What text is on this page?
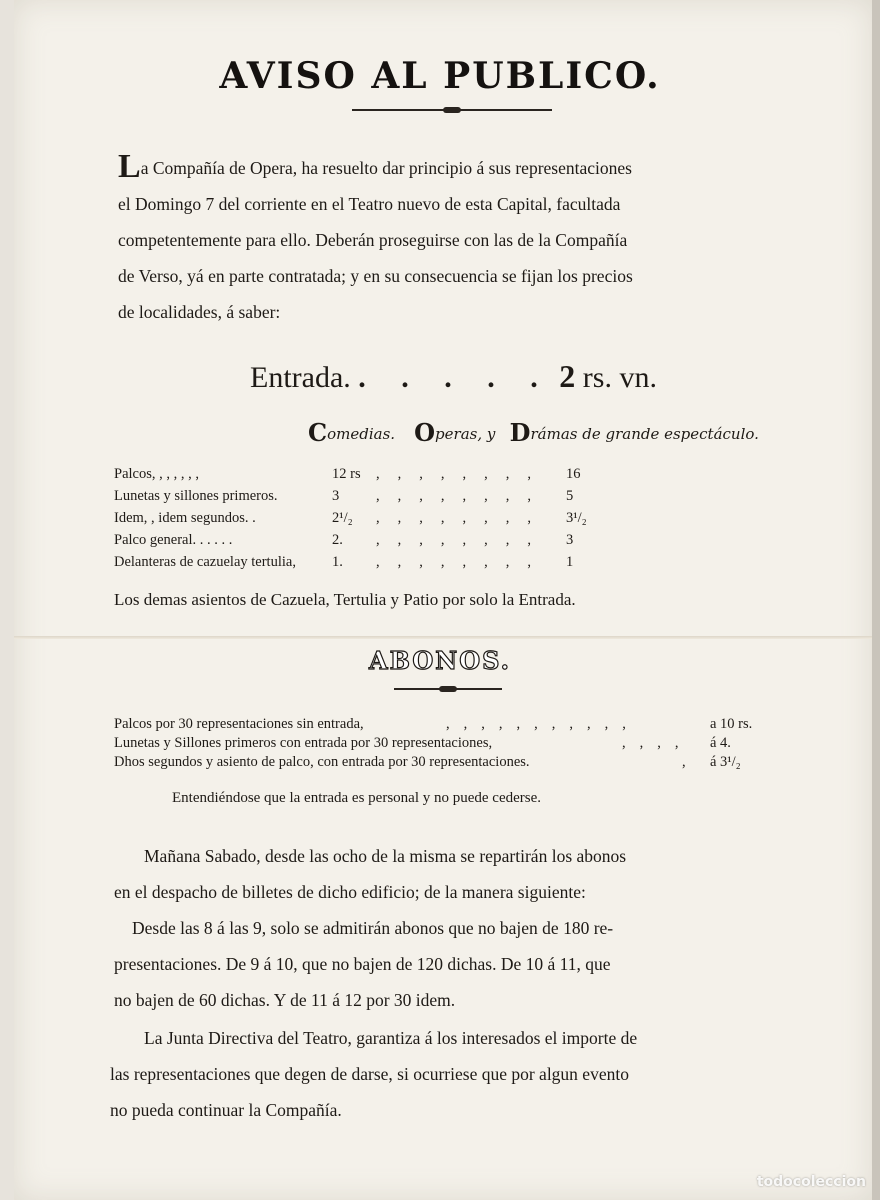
AVISO AL PUBLICO.
La Compañía de Opera, ha resuelto dar principio á sus representaciones
el Domingo 7 del corriente en el Teatro nuevo de esta Capital, facultada
competentemente para ello. Deberán proseguirse con las de la Compañía
de Verso, yá en parte contratada; y en su consecuencia se fijan los precios
de localidades, á saber:
Entrada. . . . . . 2 rs. vn.
Comedias. Operas, y Drámas de grande espectáculo.
Palcos, , , , , , ,	12 rs ,,,,,,,, 16
Lunetas y sillones primeros.	3	,,,,,,,, 5
Idem, , idem segundos. .	2¹/₂ ,,,,,,,, 3¹/₂
Palco general. . . . . .	2. ,,,,,,,, 3
Delanteras de cazuelay tertulia, 1. ,,,,,,,, 1
Los demas asientos de Cazuela, Tertulia y Patio por solo la Entrada.
ABONOS.
Palcos por 30 representaciones sin entrada,	,,,,,,,,,,,	a 10 rs.
Lunetas y Sillones primeros con entrada por 30 representaciones,	,,,, á 4.
Dhos segundos y asiento de palco, con entrada por 30 representaciones.	, á 3¹/₂
Entendiéndose que la entrada es personal y no puede cederse.
Mañana Sabado, desde las ocho de la misma se repartirán los abonos
en el despacho de billetes de dicho edificio; de la manera siguiente:
Desde las 8 á las 9, solo se admitirán abonos que no bajen de 180 re-
presentaciones. De 9 á 10, que no bajen de 120 dichas. De 10 á 11, que
no bajen de 60 dichas. Y de 11 á 12 por 30 idem.
La Junta Directiva del Teatro, garantiza á los interesados el importe de
las representaciones que degen de darse, si ocurriese que por algun evento
no pueda continuar la Compañía.
todocoleccion
